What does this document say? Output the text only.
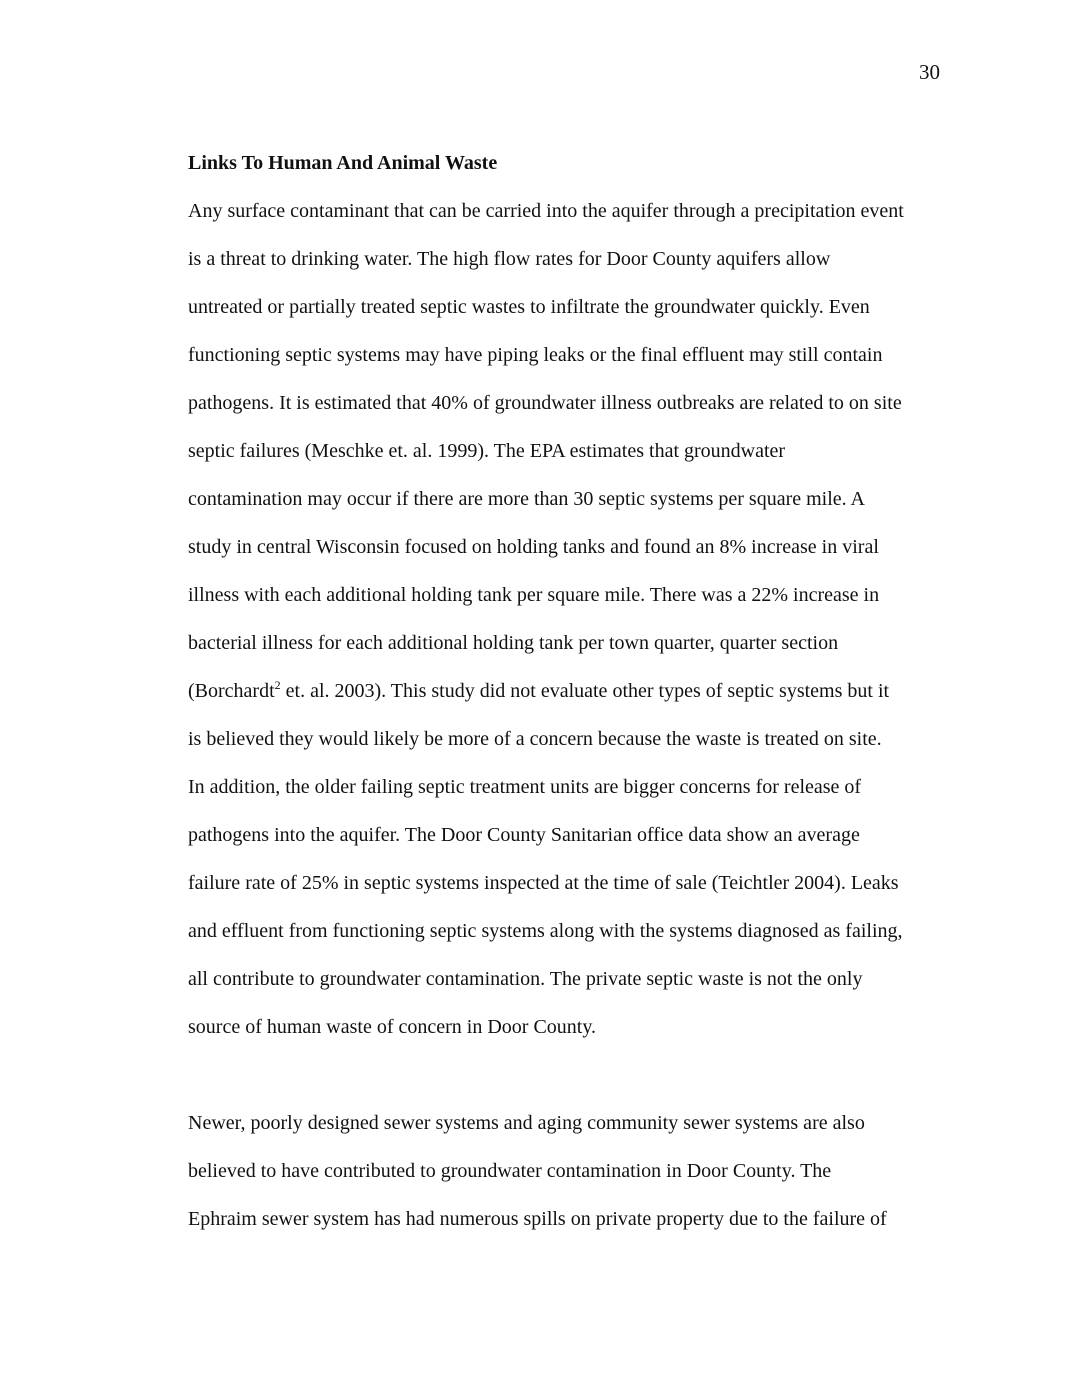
30
Links To Human And Animal Waste
Any surface contaminant that can be carried into the aquifer through a precipitation event
is a threat to drinking water. The high flow rates for Door County aquifers allow
untreated or partially treated septic wastes to infiltrate the groundwater quickly. Even
functioning septic systems may have piping leaks or the final effluent may still contain
pathogens. It is estimated that 40% of groundwater illness outbreaks are related to on site
septic failures (Meschke et. al. 1999). The EPA estimates that groundwater
contamination may occur if there are more than 30 septic systems per square mile. A
study in central Wisconsin focused on holding tanks and found an 8% increase in viral
illness with each additional holding tank per square mile. There was a 22% increase in
bacterial illness for each additional holding tank per town quarter, quarter section
(Borchardt$^2$ et. al. 2003). This study did not evaluate other types of septic systems but it
is believed they would likely be more of a concern because the waste is treated on site.
In addition, the older failing septic treatment units are bigger concerns for release of
pathogens into the aquifer. The Door County Sanitarian office data show an average
failure rate of 25% in septic systems inspected at the time of sale (Teichtler 2004). Leaks
and effluent from functioning septic systems along with the systems diagnosed as failing,
all contribute to groundwater contamination. The private septic waste is not the only
source of human waste of concern in Door County.
Newer, poorly designed sewer systems and aging community sewer systems are also
believed to have contributed to groundwater contamination in Door County. The
Ephraim sewer system has had numerous spills on private property due to the failure of
